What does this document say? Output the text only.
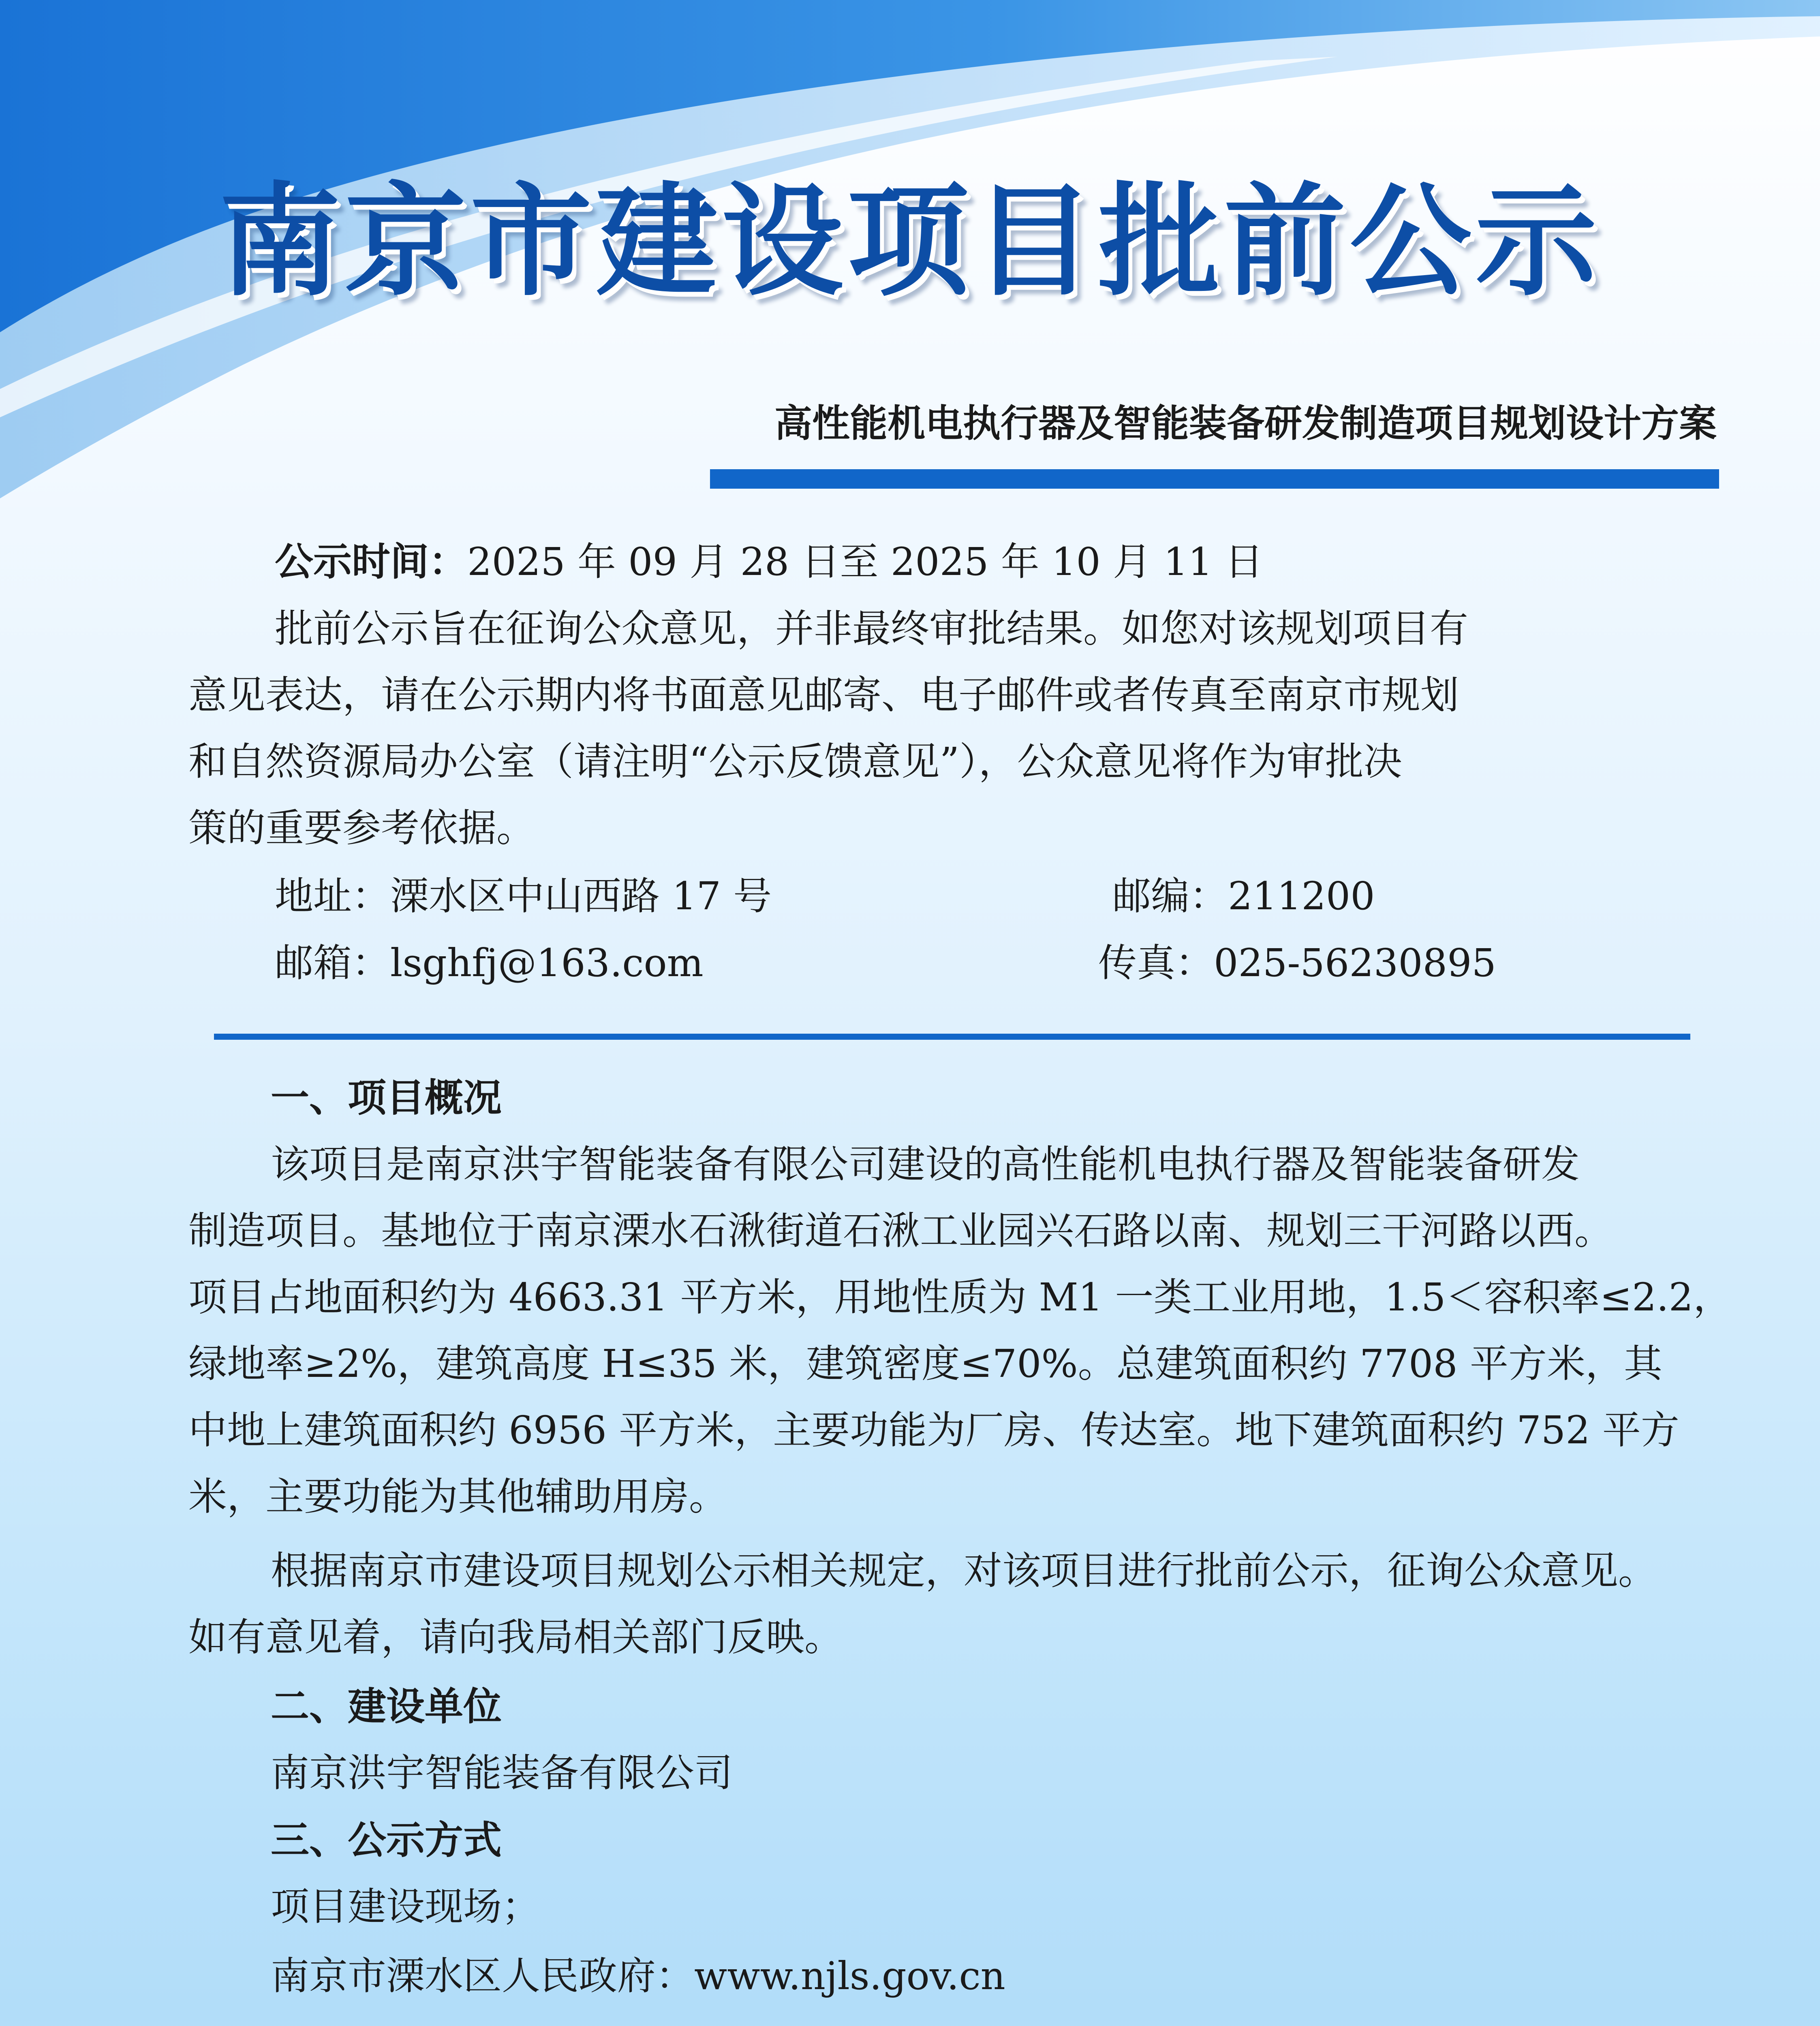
南京市建设项目批前公示
高性能机电执行器及智能装备研发制造项目规划设计方案
公示时间：2025 年 09 月 28 日至 2025 年 10 月 11 日
批前公示旨在征询公众意见，并非最终审批结果。如您对该规划项目有
意见表达，请在公示期内将书面意见邮寄、电子邮件或者传真至南京市规划
和自然资源局办公室（请注明“公示反馈意见”），公众意见将作为审批决
策的重要参考依据。
地址：溧水区中山西路 17 号	邮编：211200
邮箱：lsghfj@163.com	传真：025-56230895
一、项目概况
该项目是南京洪宇智能装备有限公司建设的高性能机电执行器及智能装备研发
制造项目。基地位于南京溧水石湫街道石湫工业园兴石路以南、规划三干河路以西。
项目占地面积约为 4663.31 平方米，用地性质为 M1 一类工业用地，1.5＜容积率≤2.2，
绿地率≥2%，建筑高度 H≤35 米，建筑密度≤70%。总建筑面积约 7708 平方米，其
中地上建筑面积约 6956 平方米，主要功能为厂房、传达室。地下建筑面积约 752 平方
米，主要功能为其他辅助用房。
根据南京市建设项目规划公示相关规定，对该项目进行批前公示，征询公众意见。
如有意见着，请向我局相关部门反映。
二、建设单位
南京洪宇智能装备有限公司
三、公示方式
项目建设现场；
南京市溧水区人民政府：www.njls.gov.cn
